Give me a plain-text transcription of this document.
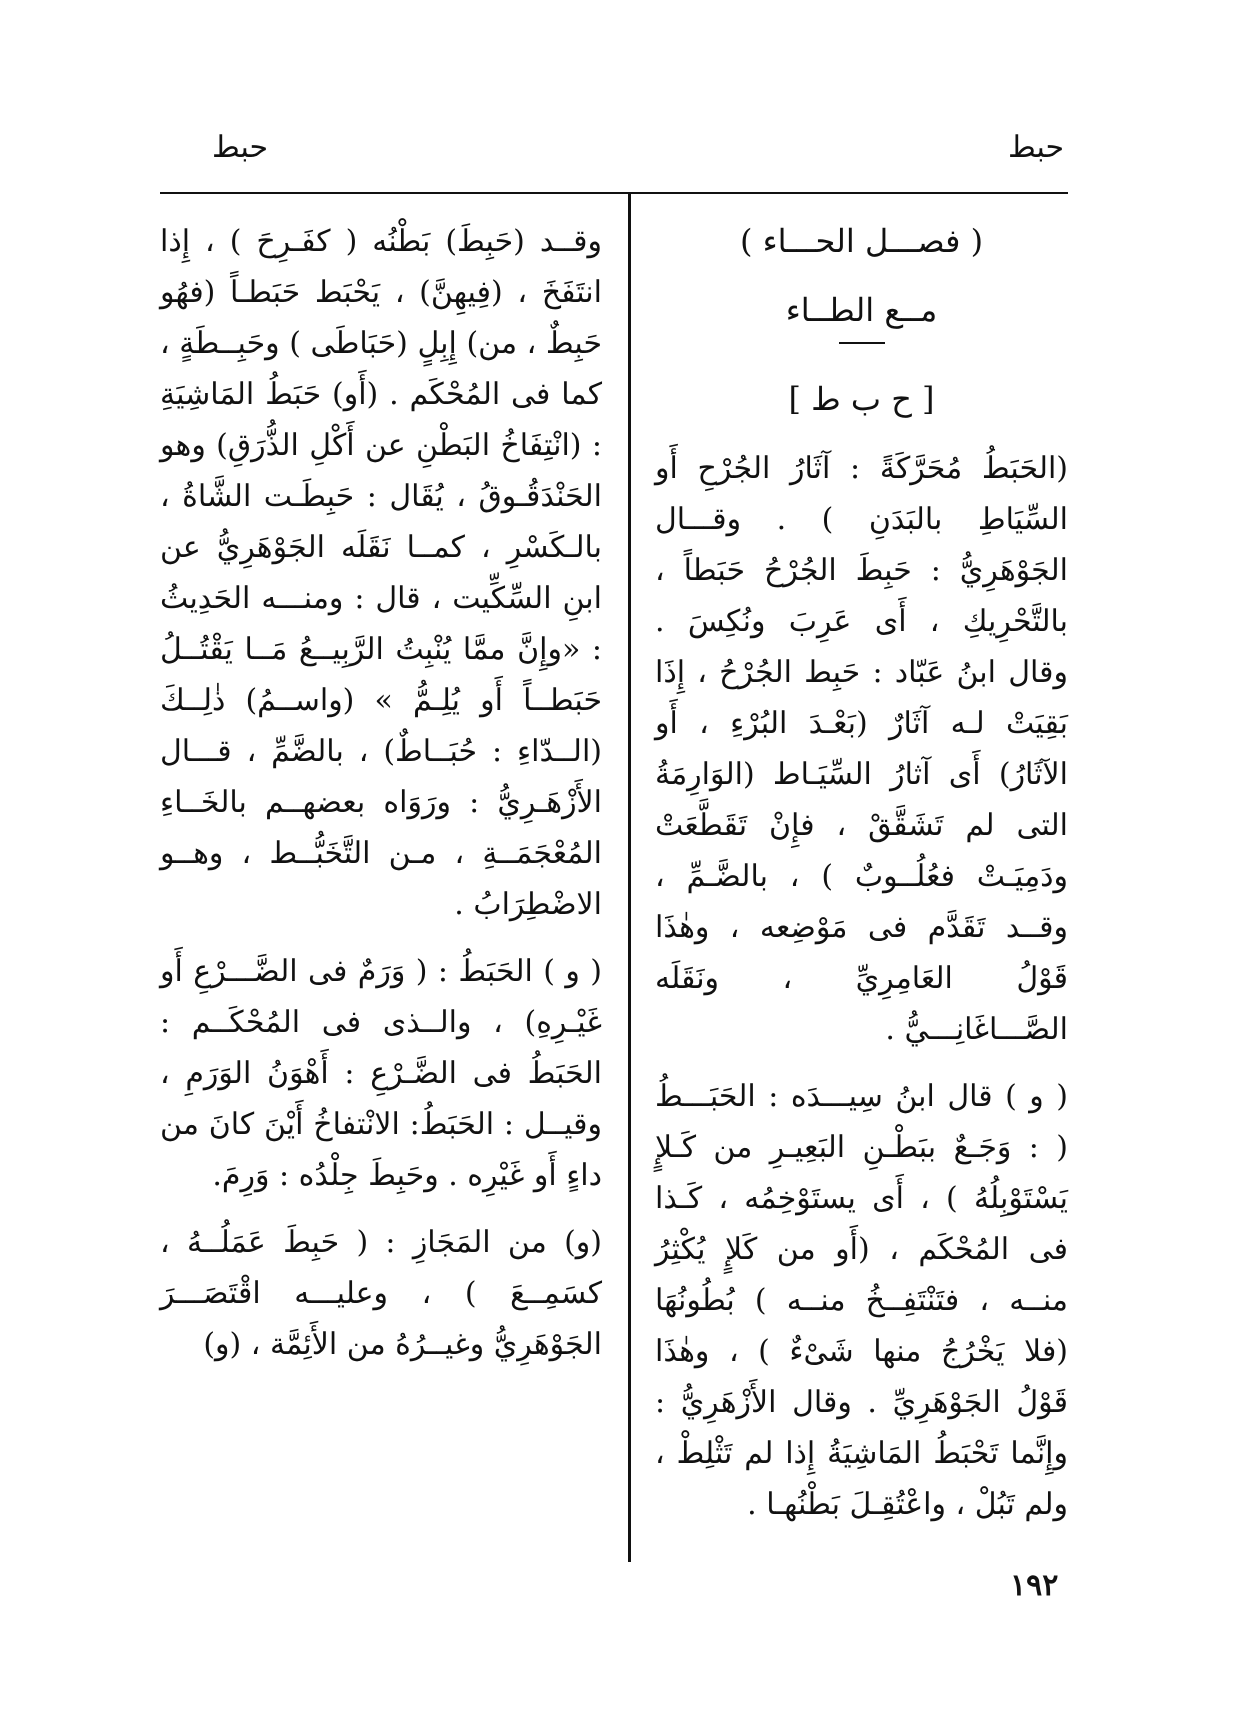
حبط
حبط
( فصـــل الحـــاء )
مــع الطــاء
[ ح ب ط ]

(الحَبَطُ مُحَرَّكَةً : آثَارُ الجُرْحِ أَو السِّيَاطِ بالبَدَنِ ) . وقـــال الجَوْهَرِيُّ : حَبِطَ الجُرْحُ حَبَطاً ، بالتَّحْرِيكِ ، أَى عَرِبَ ونُكِسَ . وقال ابنُ عَبّاد : حَبِط الجُرْحُ ، إِذَا بَقِيَتْ لـه آثَارٌ (بَعْـدَ البُرْءِ ، أَو الآثَارُ) أَى آثارُ السِّيَـاط (الوَارِمَةُ التى لم تَشَقَّقْ ، فإِنْ تَقَطَّعَتْ ودَمِيَـتْ فعُلُــوبٌ ) ، بالضَّـمِّ ، وقــد تَقَدَّم فى مَوْضِعه ، وهٰذَا قَوْلُ العَامِرِيِّ ، ونَقَلَه الصَّـــاغَانِـــيُّ .

( و ) قال ابنُ سِيـــدَه : الحَبَـــطُ ( : وَجَـعٌ ببَطْـنِ البَعِيـرِ من كَـلإٍ يَسْتَوْبِلُهُ ) ، أَى يستَوْخِمُه ، كَـذا فى المُحْكَم ، (أَو من كَلإٍ يُكْثِرُ منــه ، فتَنْتَفِــخُ منــه ) بُطُونُهَا (فلا يَخْرُجُ منها شَىْءٌ ) ، وهٰذَا قَوْلُ الجَوْهَرِيِّ . وقال الأَزْهَرِيُّ : وإِنَّما تَحْبَطُ المَاشِيَةُ إِذا لم تَثْلِطْ ، ولم تَبُلْ ، واعْتُقِـلَ بَطْنُهـا .

وقــد (حَبِطَ) بَطْنُه ( كفَـرِحَ ) ، إِذا انتَفَخَ ، (فِيهِنَّ) ، يَحْبَط حَبَطـاً (فهُو حَبِطٌ ، من) إِبِلٍ (حَبَاطَى ) وحَبِــطَةٍ ، كما فى المُحْكَم . (أَو) حَبَطُ المَاشِيَةِ : (انْتِفَاخُ البَطْنِ عن أَكْلِ الذُّرَقِ) وهو الحَنْدَقُـوقُ ، يُقَال : حَبِطَـت الشَّاةُ ، بالـكَسْرِ ، كمــا نَقَلَه الجَوْهَرِيُّ عن ابنِ السِّكِّيت ، قال : ومنـــه الحَدِيثُ : «وإِنَّ ممَّا يُنْبِتُ الرَّبِيــعُ مَــا يَقْتُــلُ حَبَطــاً أَو يُلِـمُّ » (واســمُ) ذٰلِــكَ (الــدّاءِ : حُبَــاطٌ) ، بالضَّمِّ ، قـــال الأَزْهَـرِيُّ : ورَوَاه بعضهــم بالخَــاءِ المُعْجَمَــةِ ، مـن التَّخَبُّــط ، وهــو الاضْطِرَابُ .

( و ) الحَبَطُ : ( وَرَمٌ فى الضَّـــرْعِ أَو غَيْـرِهِ) ، والــذى فى المُحْكَــم : الحَبَطُ فى الضَّـرْعِ : أَهْوَنُ الوَرَمِ ، وقيــل : الحَبَطُ: الانْتفاخُ أَيْنَ كانَ من داءٍ أَو غَيْرِه . وحَبِطَ جِلْدُه : وَرِمَ.

(و) من المَجَازِ : ( حَبِطَ عَمَلُــهُ ، كسَمِــعَ ) ، وعليـــه اقْتَصَـــرَ الجَوْهَرِيُّ وغيــرُهُ من الأَئِمَّة ، (و)

١٩٢
